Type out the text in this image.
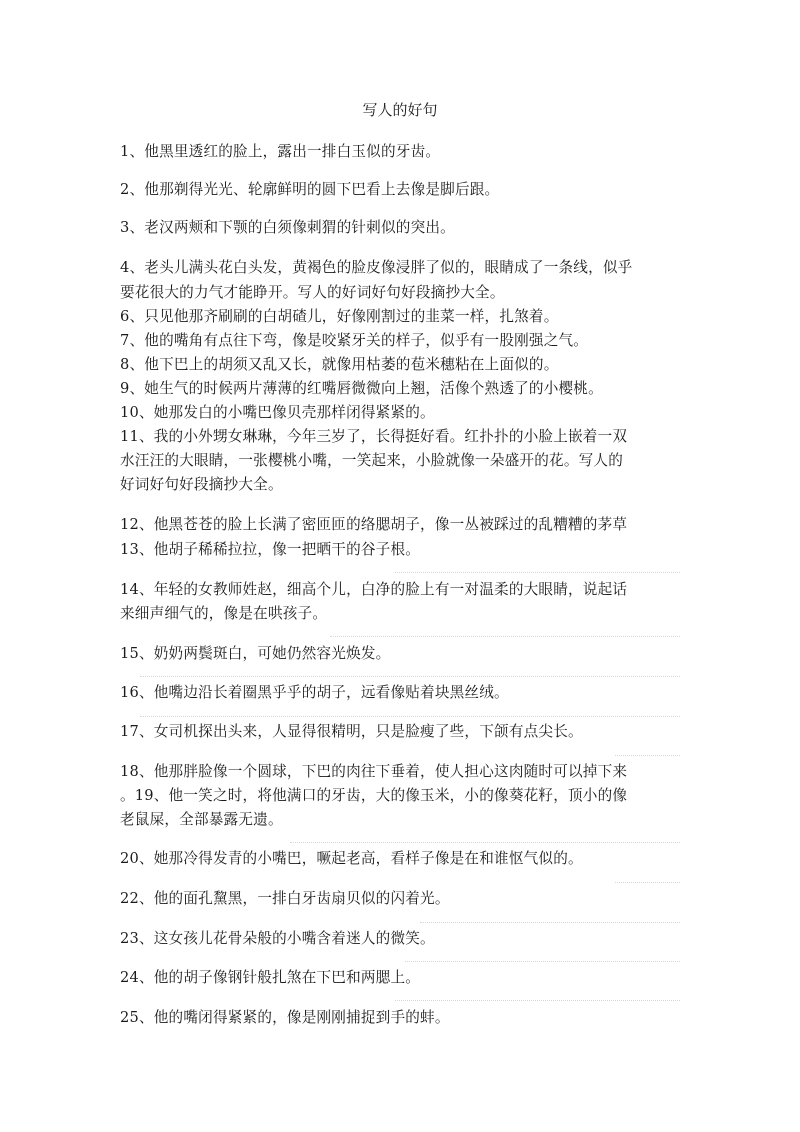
写人的好句
1、他黑里透红的脸上，露出一排白玉似的牙齿。
2、他那剃得光光、轮廓鲜明的圆下巴看上去像是脚后跟。
3、老汉两颊和下颚的白须像刺猬的针刺似的突出。
4、老头儿满头花白头发，黄褐色的脸皮像浸胖了似的，眼睛成了一条线，似乎
要花很大的力气才能睁开。写人的好词好句好段摘抄大全。
6、只见他那齐刷刷的白胡碴儿，好像刚割过的韭菜一样，扎煞着。
7、他的嘴角有点往下弯，像是咬紧牙关的样子，似乎有一股刚强之气。
8、他下巴上的胡须又乱又长，就像用枯萎的苞米穗粘在上面似的。
9、她生气的时候两片薄薄的红嘴唇微微向上翘，活像个熟透了的小樱桃。
10、她那发白的小嘴巴像贝壳那样闭得紧紧的。
11、我的小外甥女琳琳，今年三岁了，长得挺好看。红扑扑的小脸上嵌着一双
水汪汪的大眼睛，一张樱桃小嘴，一笑起来，小脸就像一朵盛开的花。写人的
好词好句好段摘抄大全。
12、他黑苍苍的脸上长满了密匝匝的络腮胡子，像一丛被踩过的乱糟糟的茅草
13、他胡子稀稀拉拉，像一把晒干的谷子根。
14、年轻的女教师姓赵，细高个儿，白净的脸上有一对温柔的大眼睛，说起话
来细声细气的，像是在哄孩子。
15、奶奶两鬓斑白，可她仍然容光焕发。
16、他嘴边沿长着圈黑乎乎的胡子，远看像贴着块黑丝绒。
17、女司机探出头来，人显得很精明，只是脸瘦了些，下颌有点尖长。
18、他那胖脸像一个圆球，下巴的肉往下垂着，使人担心这肉随时可以掉下来
。19、他一笑之时，将他满口的牙齿，大的像玉米，小的像葵花籽，顶小的像
老鼠屎，全部暴露无遗。
20、她那冷得发青的小嘴巴，噘起老高，看样子像是在和谁怄气似的。
22、他的面孔黧黑，一排白牙齿扇贝似的闪着光。
23、这女孩儿花骨朵般的小嘴含着迷人的微笑。
24、他的胡子像钢针般扎煞在下巴和两腮上。
25、他的嘴闭得紧紧的，像是刚刚捕捉到手的蚌。
